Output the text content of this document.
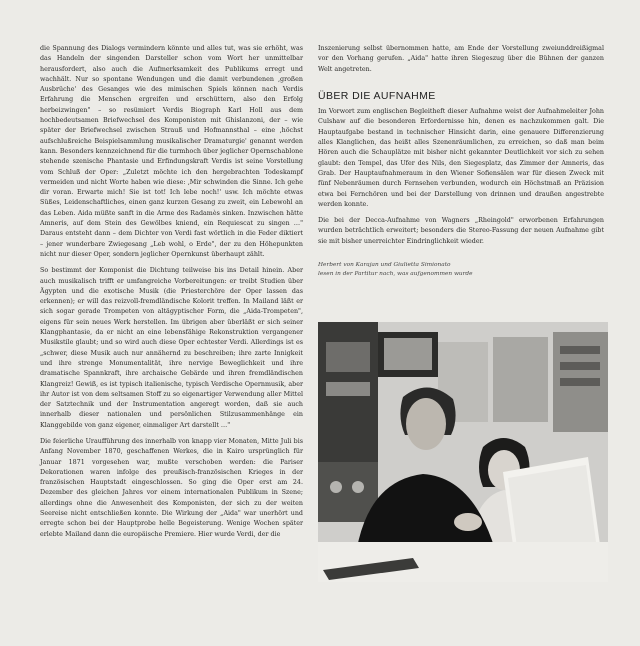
die Spannung des Dialogs vermindern könnte und alles tut, was sie erhöht, was das Handeln der singenden Darsteller schon vom Wort her unmittelbar herausfordert, also auch die Aufmerksamkeit des Publikums erregt und wachhält. Nur so spontane Wendungen und die damit verbundenen ‚großen Ausbrüche' des Gesanges wie des mimischen Spiels können nach Verdis Erfahrung die Menschen ergreifen und erschüttern, also den Erfolg herbeizwingen" – so resümiert Verdis Biograph Karl Holl aus dem hochbedeutsamen Briefwechsel des Komponisten mit Ghislanzoni, der – wie später der Briefwechsel zwischen Strauß und Hofmannsthal – eine ‚höchst aufschlußreiche Beispielsammlung musikalischer Dramaturgie' genannt werden kann. Besonders kennzeichnend für die turmhoch über jeglicher Opernschablone stehende szenische Phantasie und Erfindungskraft Verdis ist seine Vorstellung vom Schluß der Oper: „Zuletzt möchte ich den hergebrachten Todeskampf vermeiden und nicht Worte haben wie diese: ‚Mir schwinden die Sinne. Ich gehe dir voran. Erwarte mich! Sie ist tot! Ich lebe noch!' usw. Ich möchte etwas Süßes, Leidenschaftliches, einen ganz kurzen Gesang zu zweit, ein Lebewohl an das Leben. Aida müßte sanft in die Arme des Radamès sinken. Inzwischen hätte Amneris, auf dem Stein des Gewölbes kniend, ein Requiescat zu singen …" Daraus entsteht dann – dem Dichter von Verdi fast wörtlich in die Feder diktiert – jener wunderbare Zwiegesang „Leb wohl, o Erde", der zu den Höhepunkten nicht nur dieser Oper, sondern jeglicher Opernkunst überhaupt zählt.

So bestimmt der Komponist die Dichtung teilweise bis ins Detail hinein. Aber auch musikalisch trifft er umfangreiche Vorbereitungen: er treibt Studien über Ägypten und die exotische Musik (die Priesterchöre der Oper lassen das erkennen); er will das reizvoll-fremdländische Kolorit treffen. In Mailand läßt er sich sogar gerade Trompeten von altägyptischer Form, die „Aida-Trompeten", eigens für sein neues Werk herstellen. Im übrigen aber überläßt er sich seiner Klangphantasie, da er nicht an eine lebensfähige Rekonstruktion vergangener Musikstile glaubt; und so wird auch diese Oper echtester Verdi. Allerdings ist es „schwer, diese Musik auch nur annähernd zu beschreiben; ihre zarte Innigkeit und ihre strenge Monumentalität, ihre nervige Beweglichkeit und ihre dramatische Spannkraft, ihre archaische Gebärde und ihren fremdländischen Klangreiz! Gewiß, es ist typisch italienische, typisch Verdische Opernmusik, aber ihr Autor ist von dem seltsamen Stoff zu so eigenartiger Verwendung aller Mittel der Satztechnik und der Instrumentation angeregt worden, daß sie auch innerhalb dieser nationalen und persönlichen Stilzusammenhänge ein Klanggebilde von ganz eigener, einmaliger Art darstellt …"

Die feierliche Uraufführung des innerhalb von knapp vier Monaten, Mitte Juli bis Anfang November 1870, geschaffenen Werkes, die in Kairo ursprünglich für Januar 1871 vorgesehen war, mußte verschoben werden: die Pariser Dekorationen waren infolge des preußisch-französischen Krieges in der französischen Hauptstadt eingeschlossen. So ging die Oper erst am 24. Dezember des gleichen Jahres vor einem internationalen Publikum in Szene; allerdings ohne die Anwesenheit des Komponisten, der sich zu der weiten Seereise nicht entschließen konnte. Die Wirkung der „Aida" war unerhört und erregte schon bei der Hauptprobe helle Begeisterung. Wenige Wochen später erlebte Mailand dann die europäische Premiere. Hier wurde Verdi, der die

Inszenierung selbst übernommen hatte, am Ende der Vorstellung zweiunddreißigmal vor den Vorhang gerufen. „Aida" hatte ihren Siegeszug über die Bühnen der ganzen Welt angetreten.

ÜBER DIE AUFNAHME

Im Vorwort zum englischen Begleitheft dieser Aufnahme weist der Aufnahmeleiter John Culshaw auf die besonderen Erfordernisse hin, denen es nachzukommen galt. Die Hauptaufgabe bestand in technischer Hinsicht darin, eine genauere Differenzierung alles Klanglichen, das heißt alles Szenenräumlichen, zu erreichen, so daß man beim Hören auch die Schauplätze mit bisher nicht gekannter Deutlichkeit vor sich zu sehen glaubt: den Tempel, das Ufer des Nils, den Siegesplatz, das Zimmer der Amneris, das Grab. Der Hauptaufnahmeraum in den Wiener Sofiensälen war für diesen Zweck mit fünf Nebenräumen durch Fernsehen verbunden, wodurch ein Höchstmaß an Präzision etwa bei Fernchören und bei der Darstellung von drinnen und draußen angestrebte werden konnte.

Die bei der Decca-Aufnahme von Wagners „Rheingold" erworbenen Erfahrungen wurden beträchtlich erweitert; besonders die Stereo-Fassung der neuen Aufnahme gibt sie mit bisher unerreichter Eindringlichkeit wieder.

Herbert von Karajan und Giulietta Simionato
lesen in der Partitur nach, was aufgenommen wurde
